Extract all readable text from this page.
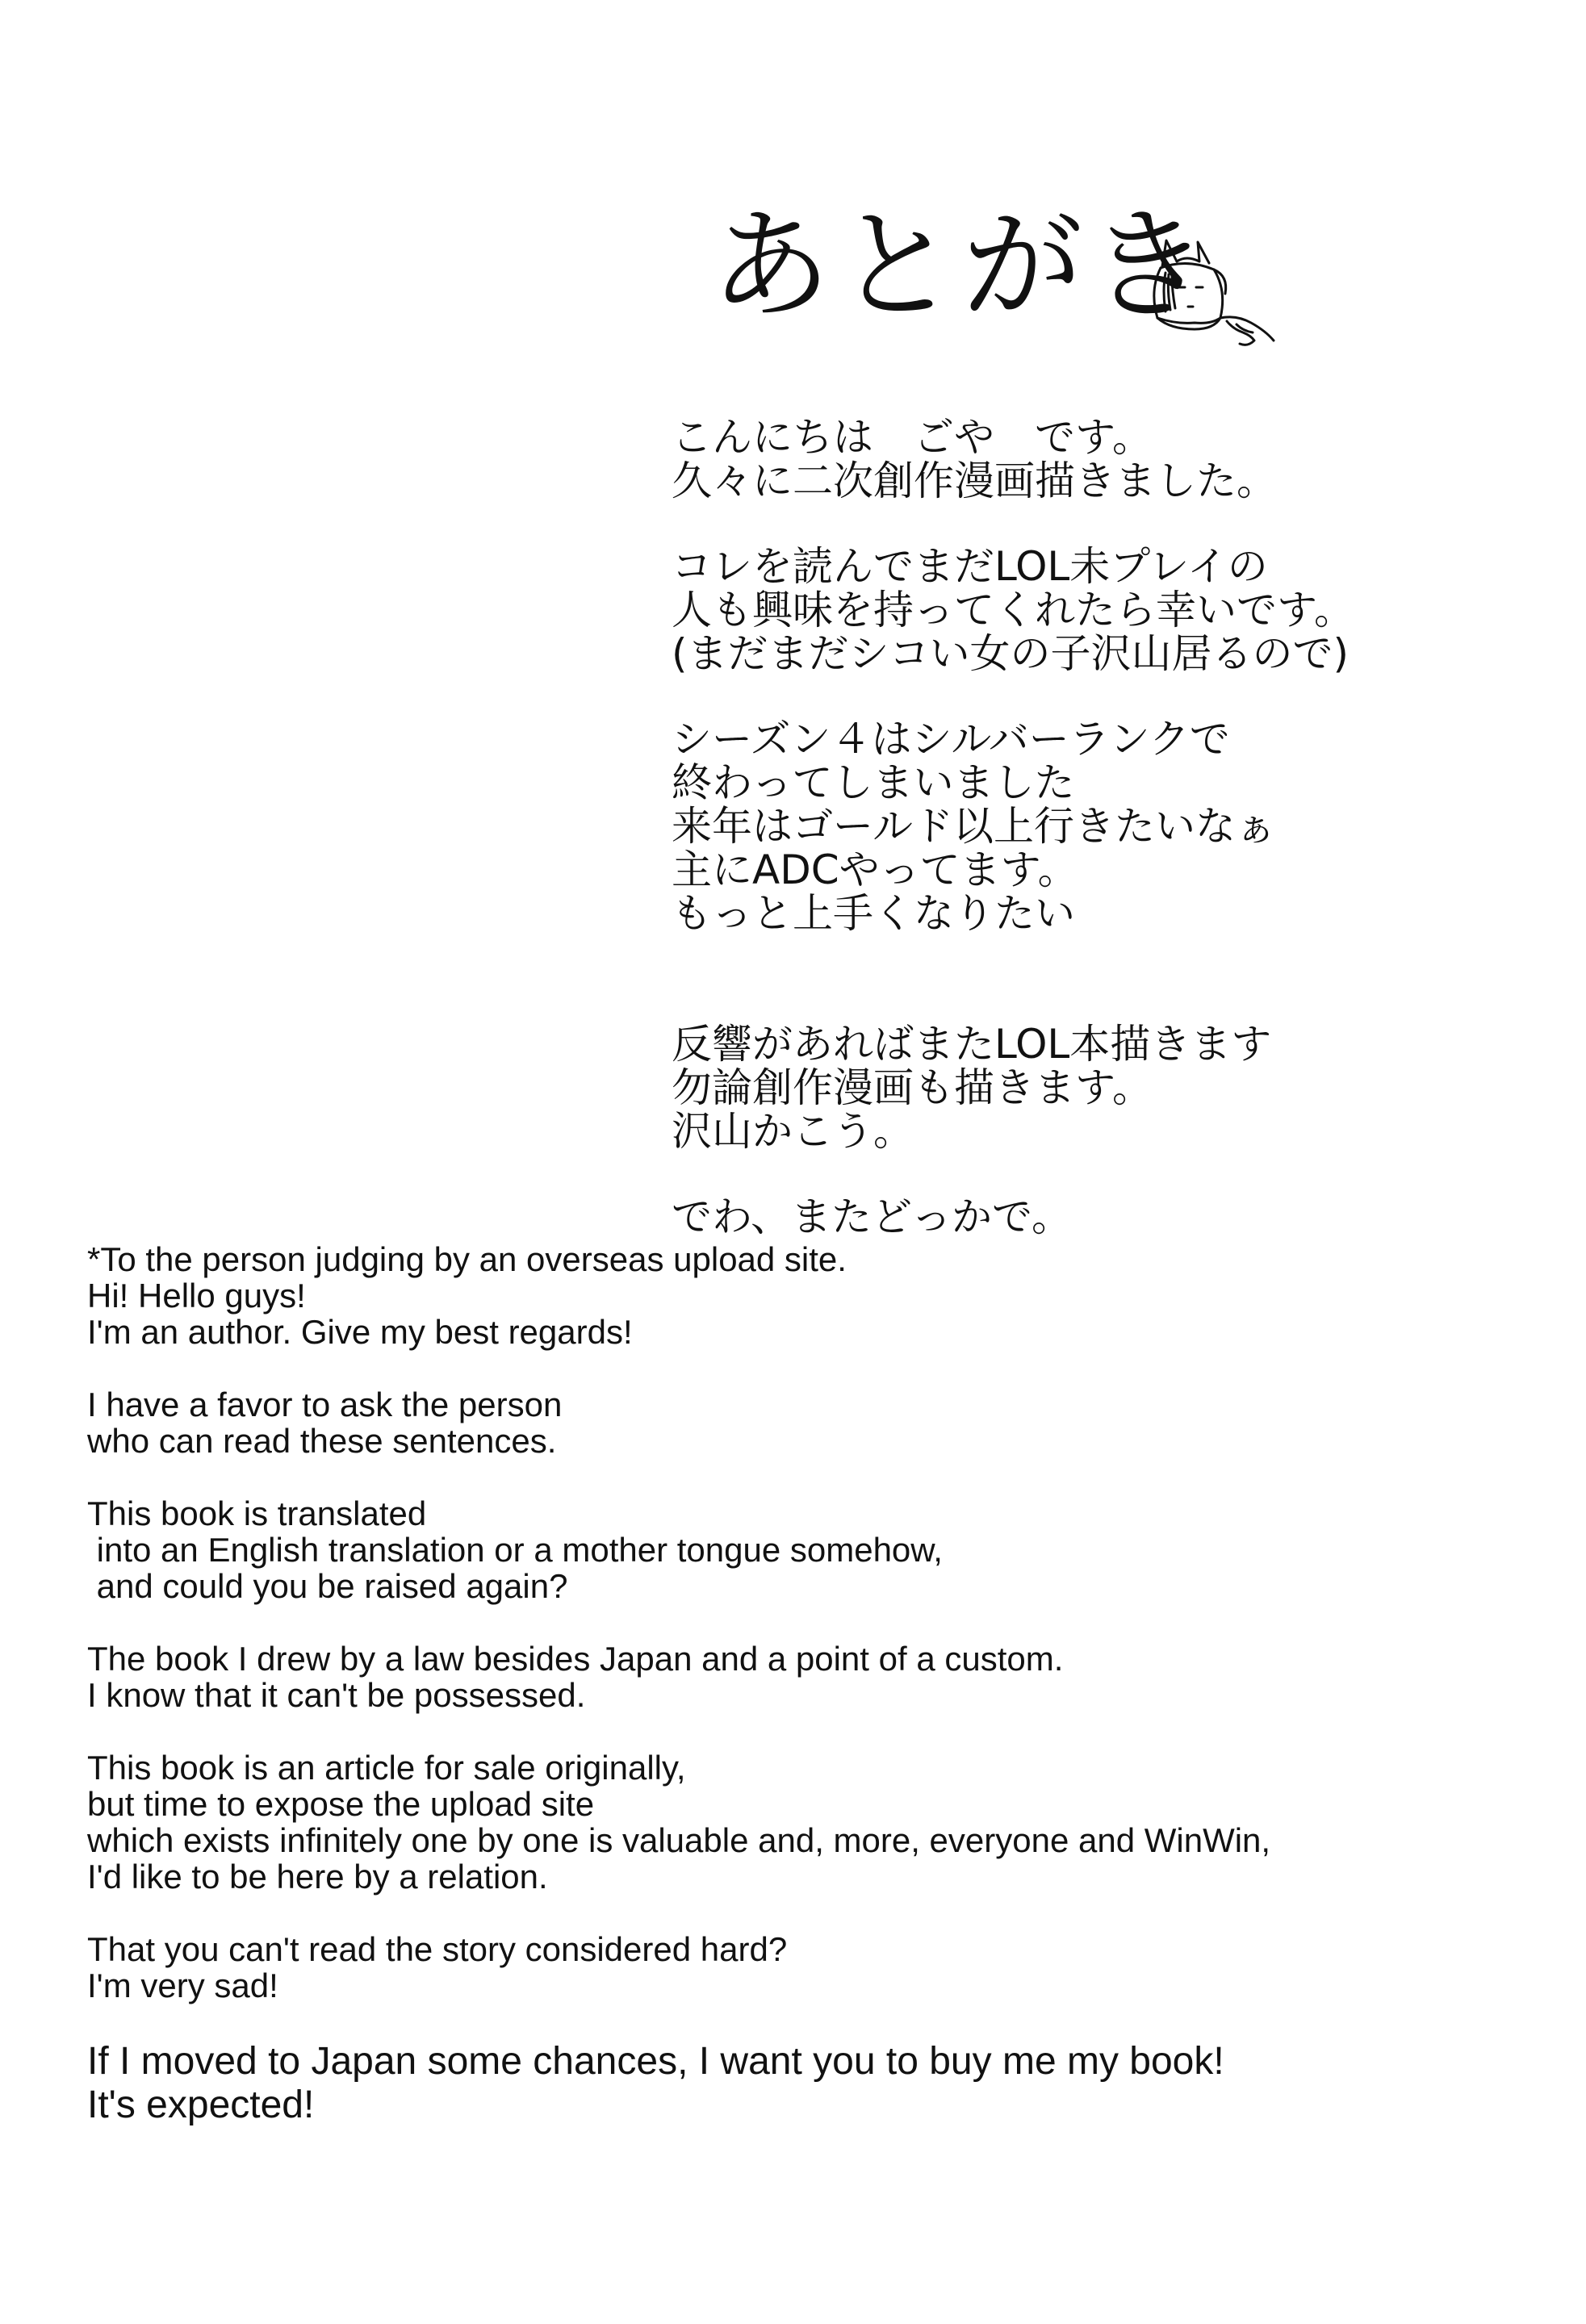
あとがき
こんにちは　ごや　です。
久々に二次創作漫画描きました。
コレを読んでまだLOL未プレイの
人も興味を持ってくれたら幸いです。
(まだまだシコい女の子沢山居るので)
シーズン４はシルバーランクで
終わってしまいました
来年はゴールド以上行きたいなぁ
主にADCやってます。
もっと上手くなりたい
反響があればまたLOL本描きます
勿論創作漫画も描きます。
沢山かこう。
でわ、またどっかで。
*To the person judging by an overseas upload site.
Hi! Hello guys!
I'm an author. Give my best regards!
I have a favor to ask the person
who can read these sentences.
This book is translated
into an English translation or a mother tongue somehow,
and could you be raised again?
The book I drew by a law besides Japan and a point of a custom.
I know that it can't be possessed.
This book is an article for sale originally,
but time to expose the upload site
which exists infinitely one by one is valuable and, more, everyone and WinWin,
I'd like to be here by a relation.
That you can't read the story considered hard?
I'm very sad!
If I moved to Japan some chances, I want you to buy me my book!
It's expected!
